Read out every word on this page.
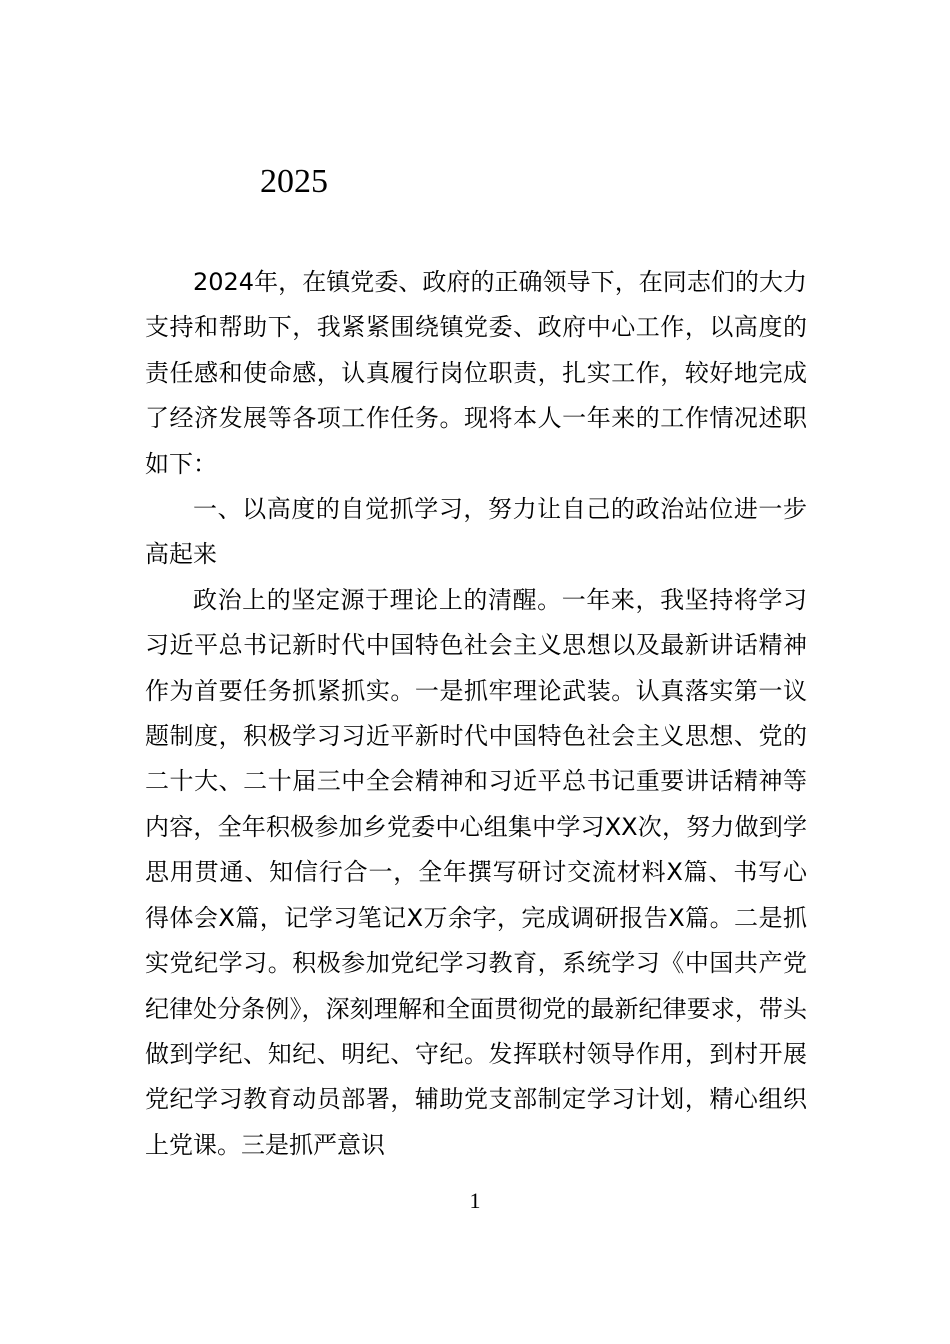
2025

2024年，在镇党委、政府的正确领导下，在同志们的大力支持和帮助下，我紧紧围绕镇党委、政府中心工作，以高度的责任感和使命感，认真履行岗位职责，扎实工作，较好地完成了经济发展等各项工作任务。现将本人一年来的工作情况述职如下：

一、以高度的自觉抓学习，努力让自己的政治站位进一步高起来

政治上的坚定源于理论上的清醒。一年来，我坚持将学习习近平总书记新时代中国特色社会主义思想以及最新讲话精神作为首要任务抓紧抓实。一是抓牢理论武装。认真落实第一议题制度，积极学习习近平新时代中国特色社会主义思想、党的二十大、二十届三中全会精神和习近平总书记重要讲话精神等内容，全年积极参加乡党委中心组集中学习XX次，努力做到学思用贯通、知信行合一，全年撰写研讨交流材料X篇、书写心得体会X篇，记学习笔记X万余字，完成调研报告X篇。二是抓实党纪学习。积极参加党纪学习教育，系统学习《中国共产党纪律处分条例》，深刻理解和全面贯彻党的最新纪律要求，带头做到学纪、知纪、明纪、守纪。发挥联村领导作用，到村开展党纪学习教育动员部署，辅助党支部制定学习计划，精心组织上党课。三是抓严意识

1
